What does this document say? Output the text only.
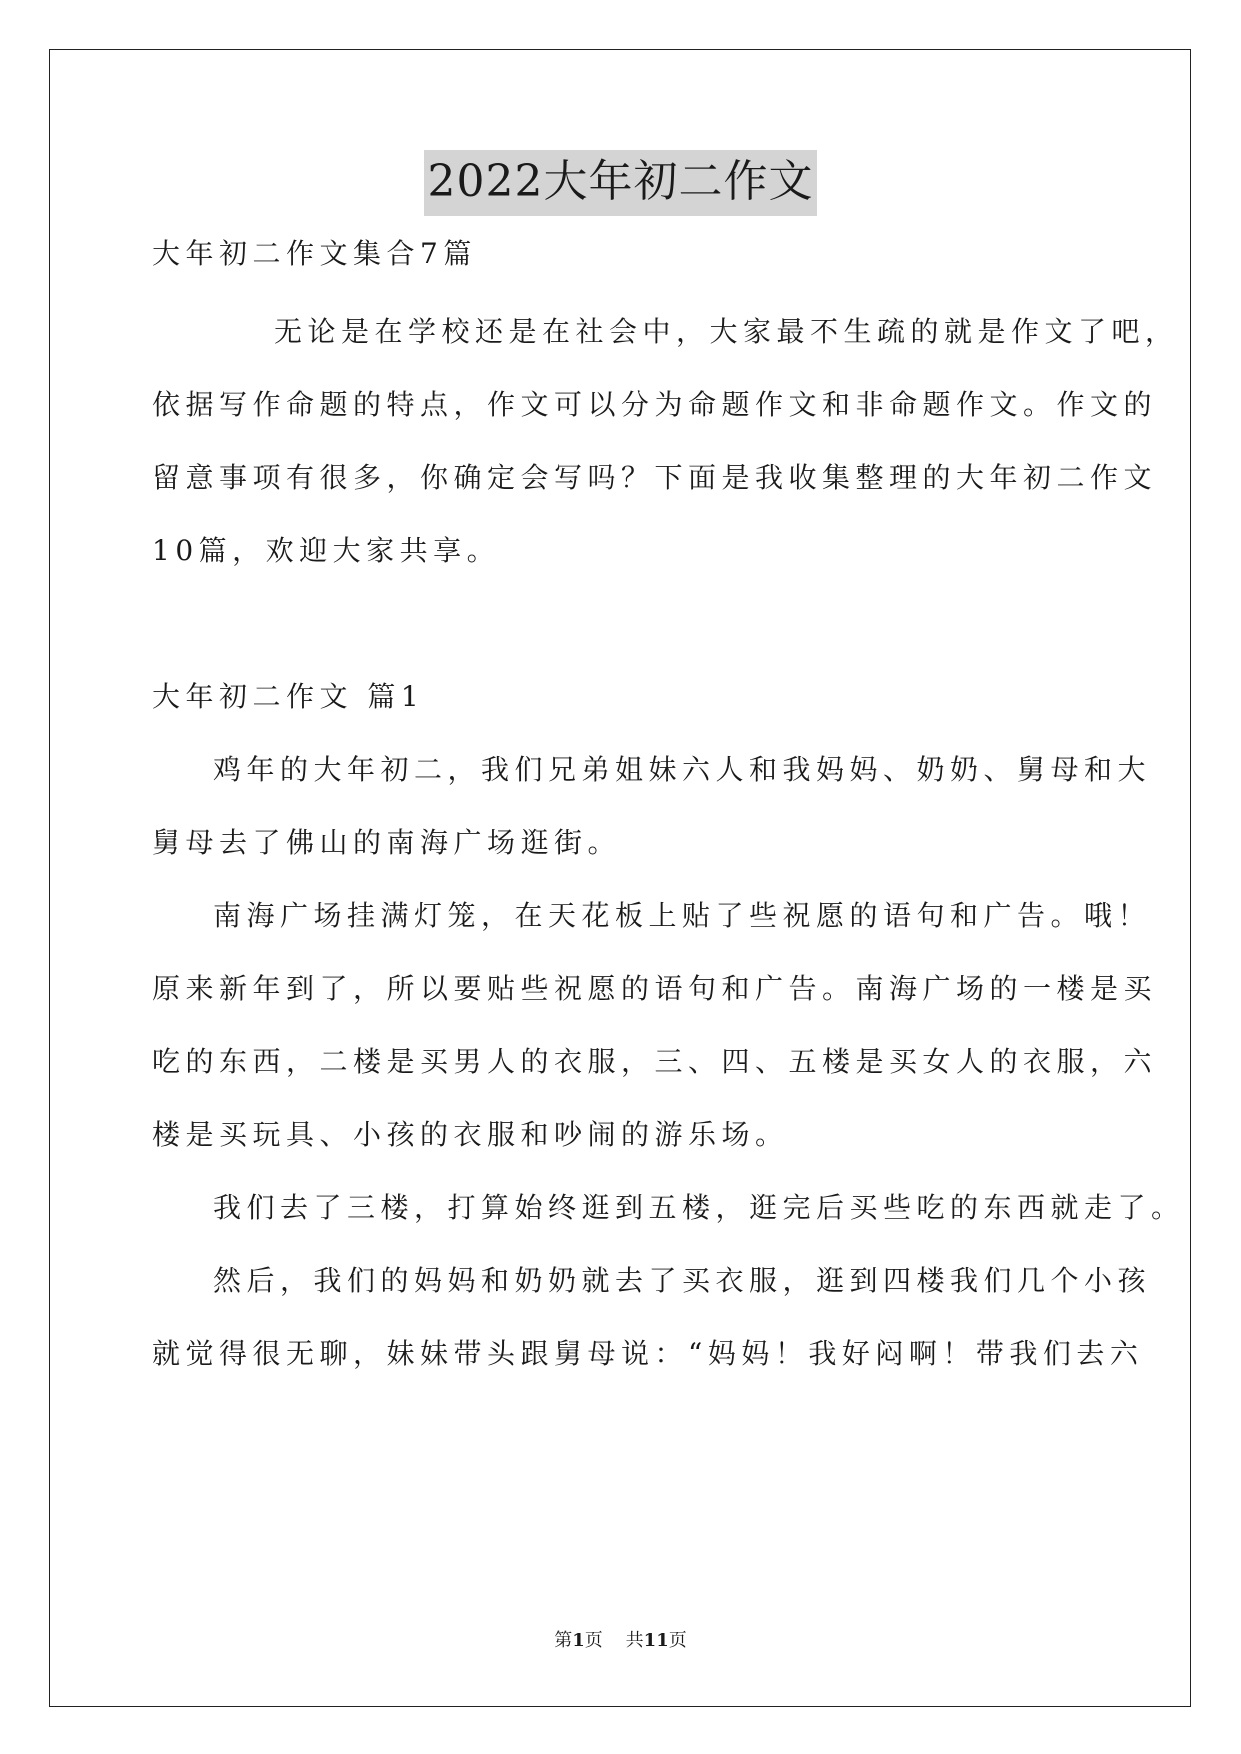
2022大年初二作文
大年初二作文集合7篇
无论是在学校还是在社会中，大家最不生疏的就是作文了吧，
依据写作命题的特点，作文可以分为命题作文和非命题作文。作文的
留意事项有很多，你确定会写吗？下面是我收集整理的大年初二作文
10篇，欢迎大家共享。
大年初二作文 篇1
鸡年的大年初二，我们兄弟姐妹六人和我妈妈、奶奶、舅母和大
舅母去了佛山的南海广场逛街。
南海广场挂满灯笼，在天花板上贴了些祝愿的语句和广告。哦！
原来新年到了，所以要贴些祝愿的语句和广告。南海广场的一楼是买
吃的东西，二楼是买男人的衣服，三、四、五楼是买女人的衣服，六
楼是买玩具、小孩的衣服和吵闹的游乐场。
我们去了三楼，打算始终逛到五楼，逛完后买些吃的东西就走了。
然后，我们的妈妈和奶奶就去了买衣服，逛到四楼我们几个小孩
就觉得很无聊，妹妹带头跟舅母说：“妈妈！我好闷啊！带我们去六
第1页 共11页
